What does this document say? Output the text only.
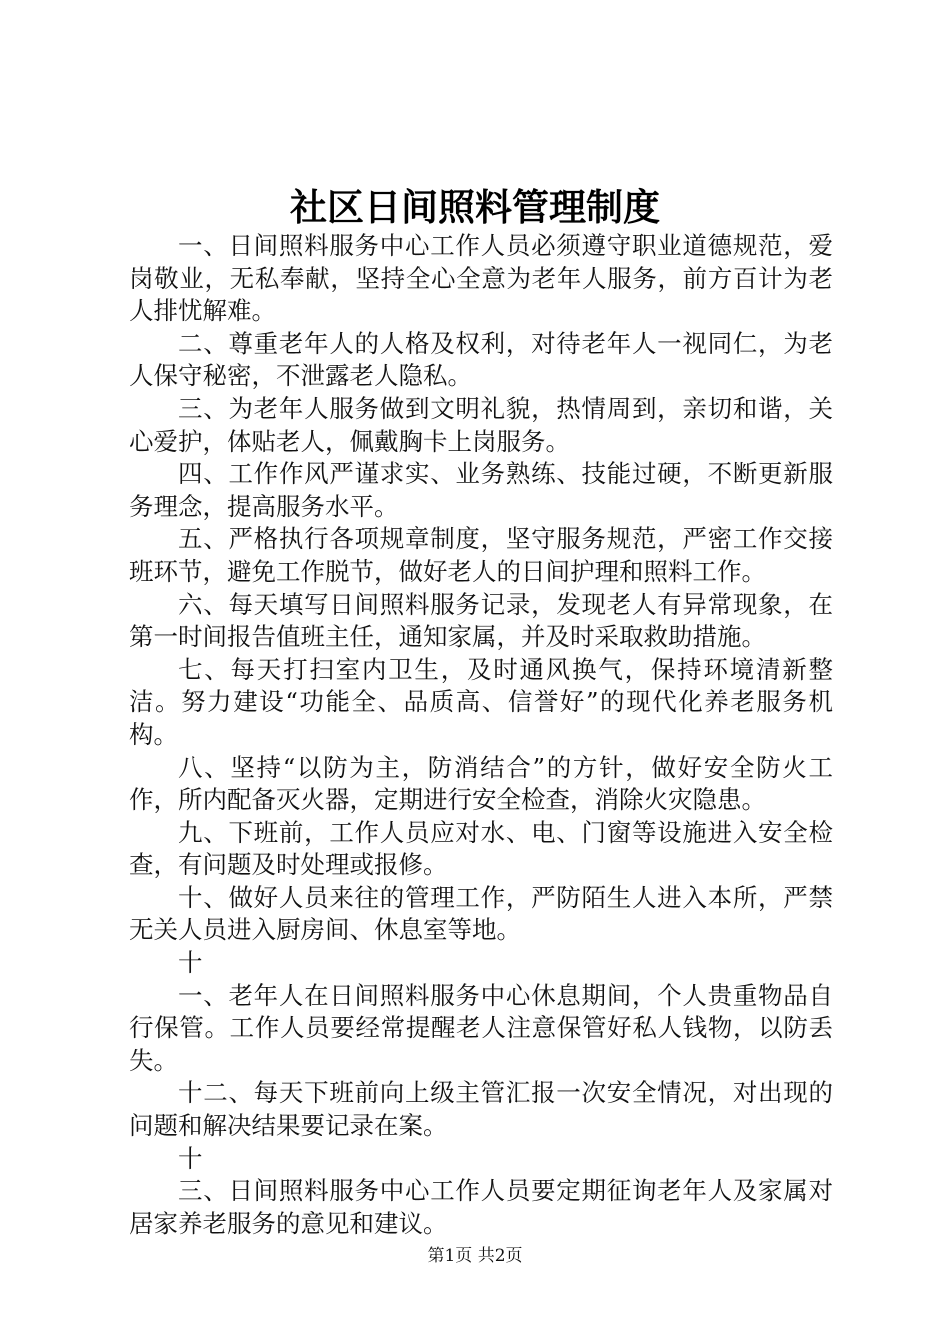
社区日间照料管理制度

一、日间照料服务中心工作人员必须遵守职业道德规范，爱岗敬业，无私奉献，坚持全心全意为老年人服务，前方百计为老人排忧解难。

二、尊重老年人的人格及权利，对待老年人一视同仁，为老人保守秘密，不泄露老人隐私。

三、为老年人服务做到文明礼貌，热情周到，亲切和谐，关心爱护，体贴老人，佩戴胸卡上岗服务。

四、工作作风严谨求实、业务熟练、技能过硬，不断更新服务理念，提高服务水平。

五、严格执行各项规章制度，坚守服务规范，严密工作交接班环节，避免工作脱节，做好老人的日间护理和照料工作。

六、每天填写日间照料服务记录，发现老人有异常现象，在第一时间报告值班主任，通知家属，并及时采取救助措施。

七、每天打扫室内卫生，及时通风换气，保持环境清新整洁。努力建设“功能全、品质高、信誉好”的现代化养老服务机构。

八、坚持“以防为主，防消结合”的方针，做好安全防火工作，所内配备灭火器，定期进行安全检查，消除火灾隐患。

九、下班前，工作人员应对水、电、门窗等设施进入安全检查，有问题及时处理或报修。

十、做好人员来往的管理工作，严防陌生人进入本所，严禁无关人员进入厨房间、休息室等地。

十

一、老年人在日间照料服务中心休息期间，个人贵重物品自行保管。工作人员要经常提醒老人注意保管好私人钱物，以防丢失。

十二、每天下班前向上级主管汇报一次安全情况，对出现的问题和解决结果要记录在案。

十

三、日间照料服务中心工作人员要定期征询老年人及家属对居家养老服务的意见和建议。

第1页 共2页
